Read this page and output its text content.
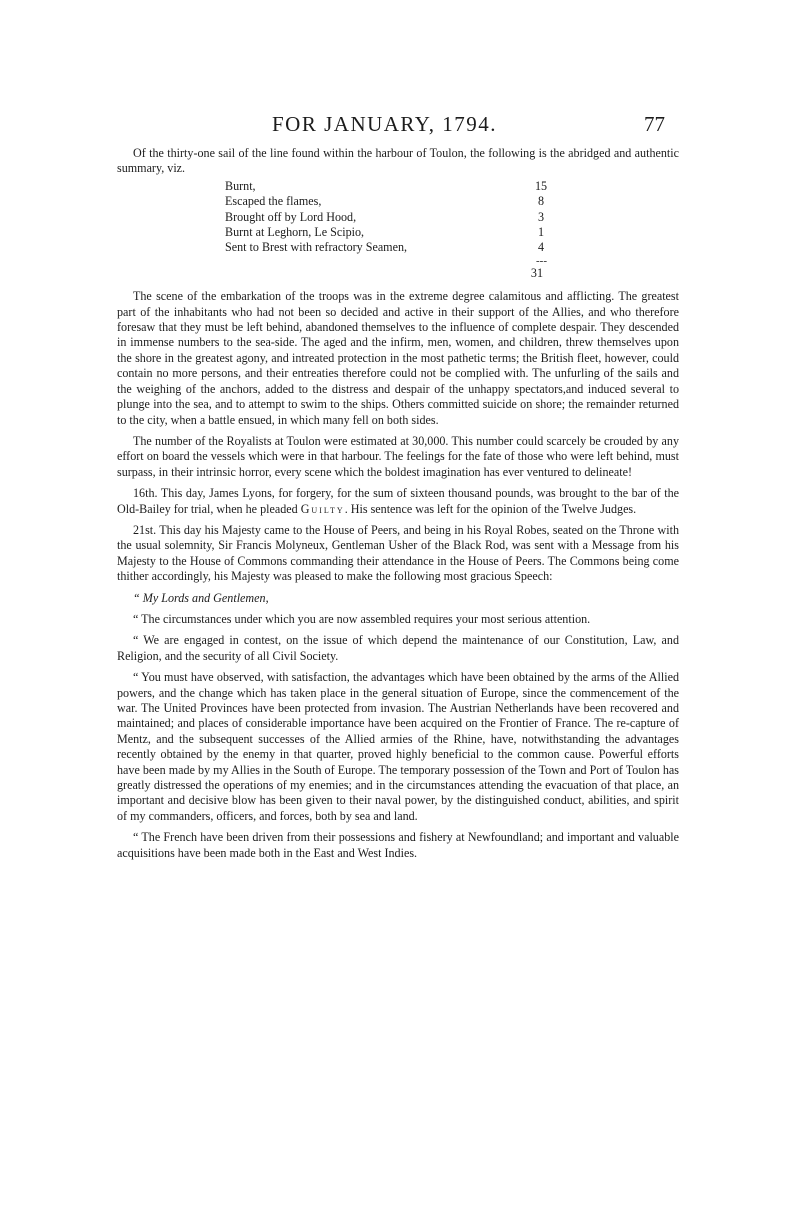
FOR JANUARY, 1794.	77

Of the thirty-one sail of the line found within the harbour of Toulon, the following is the abridged and authentic summary, viz.

Burnt,	15
Escaped the flames,	8
Brought off by Lord Hood,	3
Burnt at Leghorn, Le Scipio,	1
Sent to Brest with refractory Seamen,	4
---
31

The scene of the embarkation of the troops was in the extreme degree calamitous and afflicting. The greatest part of the inhabitants who had not been so decided and active in their support of the Allies, and who therefore foresaw that they must be left behind, abandoned themselves to the influence of complete despair. They descended in immense numbers to the sea-side. The aged and the infirm, men, women, and children, threw themselves upon the shore in the greatest agony, and intreated protection in the most pathetic terms; the British fleet, however, could contain no more persons, and their entreaties therefore could not be complied with. The unfurling of the sails and the weighing of the anchors, added to the distress and despair of the unhappy spectators,and induced several to plunge into the sea, and to attempt to swim to the ships. Others committed suicide on shore; the remainder returned to the city, when a battle ensued, in which many fell on both sides.

The number of the Royalists at Toulon were estimated at 30,000. This number could scarcely be crouded by any effort on board the vessels which were in that harbour. The feelings for the fate of those who were left behind, must surpass, in their intrinsic horror, every scene which the boldest imagination has ever ventured to delineate!

16th. This day, James Lyons, for forgery, for the sum of sixteen thousand pounds, was brought to the bar of the Old-Bailey for trial, when he pleaded Guilty. His sentence was left for the opinion of the Twelve Judges.

21st. This day his Majesty came to the House of Peers, and being in his Royal Robes, seated on the Throne with the usual solemnity, Sir Francis Molyneux, Gentleman Usher of the Black Rod, was sent with a Message from his Majesty to the House of Commons commanding their attendance in the House of Peers. The Commons being come thither accordingly, his Majesty was pleased to make the following most gracious Speech:

“ My Lords and Gentlemen,

“ The circumstances under which you are now assembled requires your most serious attention.

“ We are engaged in contest, on the issue of which depend the maintenance of our Constitution, Law, and Religion, and the security of all Civil Society.

“ You must have observed, with satisfaction, the advantages which have been obtained by the arms of the Allied powers, and the change which has taken place in the general situation of Europe, since the commencement of the war. The United Provinces have been protected from invasion. The Austrian Netherlands have been recovered and maintained; and places of considerable importance have been acquired on the Frontier of France. The re-capture of Mentz, and the subsequent successes of the Allied armies of the Rhine, have, notwithstanding the advantages recently obtained by the enemy in that quarter, proved highly beneficial to the common cause. Powerful efforts have been made by my Allies in the South of Europe. The temporary possession of the Town and Port of Toulon has greatly distressed the operations of my enemies; and in the circumstances attending the evacuation of that place, an important and decisive blow has been given to their naval power, by the distinguished conduct, abilities, and spirit of my commanders, officers, and forces, both by sea and land.

“ The French have been driven from their possessions and fishery at Newfoundland; and important and valuable acquisitions have been made both in the East and West Indies.
